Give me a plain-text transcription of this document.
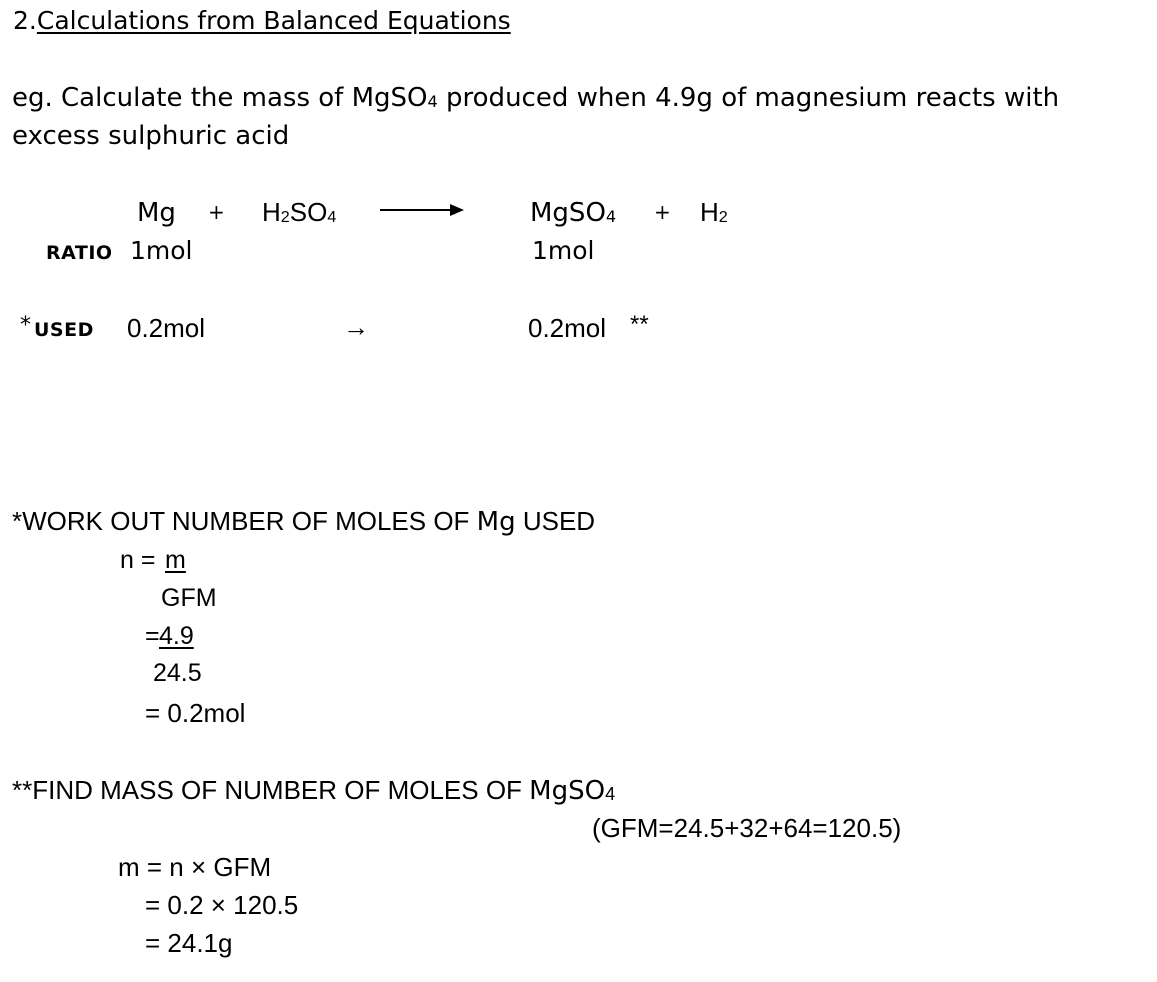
2.Calculations from Balanced Equations
eg. Calculate the mass of MgSO$_4$ produced when 4.9g of magnesium reacts with
excess sulphuric acid
$Mg + H_2SO_4$	MgSO$_4$ + $H_2$
RATIO 1mol	1mol
* USED 0.2mol	→	0.2mol **
*WORK OUT NUMBER OF MOLES OF Mg USED
n = m
GFM
= 4.9
24.5
= 0.2mol
**FIND MASS OF NUMBER OF MOLES OF MgSO$_4$
(GFM=24.5+32+64=120.5)
m = n × GFM
= 0.2 × 120.5
= 24.1g
